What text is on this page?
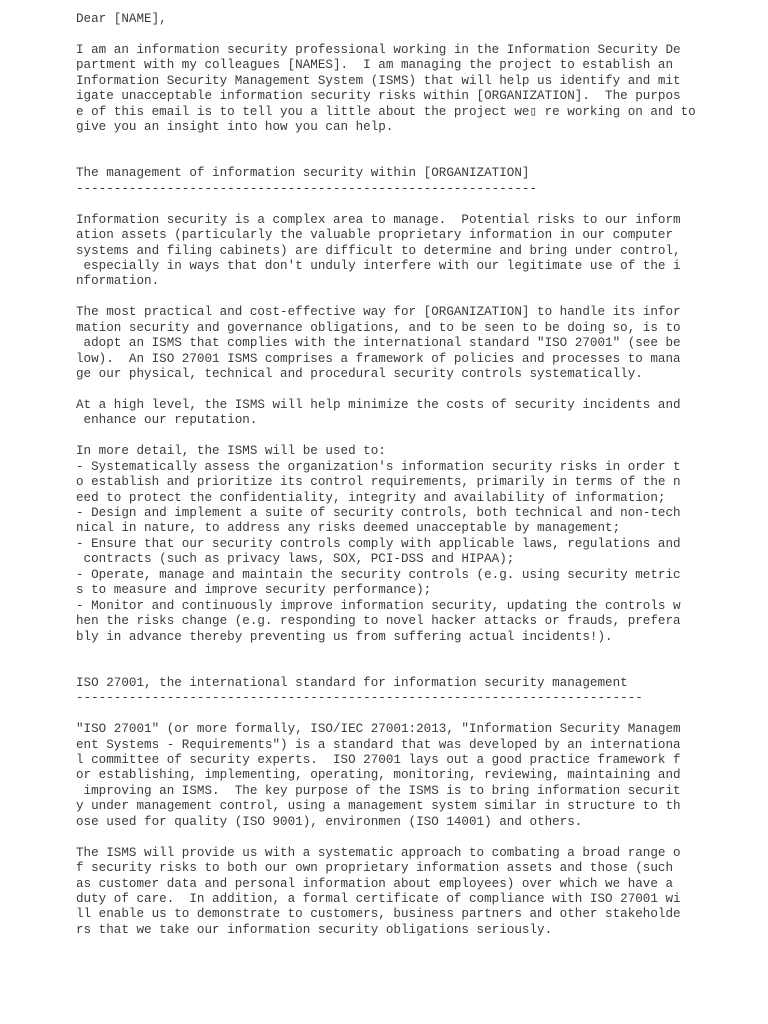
Dear [NAME],
I am an information security professional working in the Information Security De
partment with my colleagues [NAMES].  I am managing the project to establish an
Information Security Management System (ISMS) that will help us identify and mit
igate unacceptable information security risks within [ORGANIZATION].  The purpos
e of this email is to tell you a little about the project we▯ re working on and to
give you an insight into how you can help.
The management of information security within [ORGANIZATION]
-------------------------------------------------------------
Information security is a complex area to manage.  Potential risks to our inform
ation assets (particularly the valuable proprietary information in our computer
systems and filing cabinets) are difficult to determine and bring under control,
especially in ways that don't unduly interfere with our legitimate use of the i
nformation.
The most practical and cost-effective way for [ORGANIZATION] to handle its infor
mation security and governance obligations, and to be seen to be doing so, is to
adopt an ISMS that complies with the international standard "ISO 27001" (see be
low).  An ISO 27001 ISMS comprises a framework of policies and processes to mana
ge our physical, technical and procedural security controls systematically.
At a high level, the ISMS will help minimize the costs of security incidents and
enhance our reputation.
In more detail, the ISMS will be used to:
- Systematically assess the organization's information security risks in order t
o establish and prioritize its control requirements, primarily in terms of the n
eed to protect the confidentiality, integrity and availability of information;
- Design and implement a suite of security controls, both technical and non-tech
nical in nature, to address any risks deemed unacceptable by management;
- Ensure that our security controls comply with applicable laws, regulations and
contracts (such as privacy laws, SOX, PCI-DSS and HIPAA);
- Operate, manage and maintain the security controls (e.g. using security metric
s to measure and improve security performance);
- Monitor and continuously improve information security, updating the controls w
hen the risks change (e.g. responding to novel hacker attacks or frauds, prefera
bly in advance thereby preventing us from suffering actual incidents!).
ISO 27001, the international standard for information security management
---------------------------------------------------------------------------
"ISO 27001" (or more formally, ISO/IEC 27001:2013, "Information Security Managem
ent Systems - Requirements") is a standard that was developed by an internationa
l committee of security experts.  ISO 27001 lays out a good practice framework f
or establishing, implementing, operating, monitoring, reviewing, maintaining and
improving an ISMS.  The key purpose of the ISMS is to bring information securit
y under management control, using a management system similar in structure to th
ose used for quality (ISO 9001), environmen (ISO 14001) and others.
The ISMS will provide us with a systematic approach to combating a broad range o
f security risks to both our own proprietary information assets and those (such
as customer data and personal information about employees) over which we have a
duty of care.  In addition, a formal certificate of compliance with ISO 27001 wi
ll enable us to demonstrate to customers, business partners and other stakeholde
rs that we take our information security obligations seriously.
